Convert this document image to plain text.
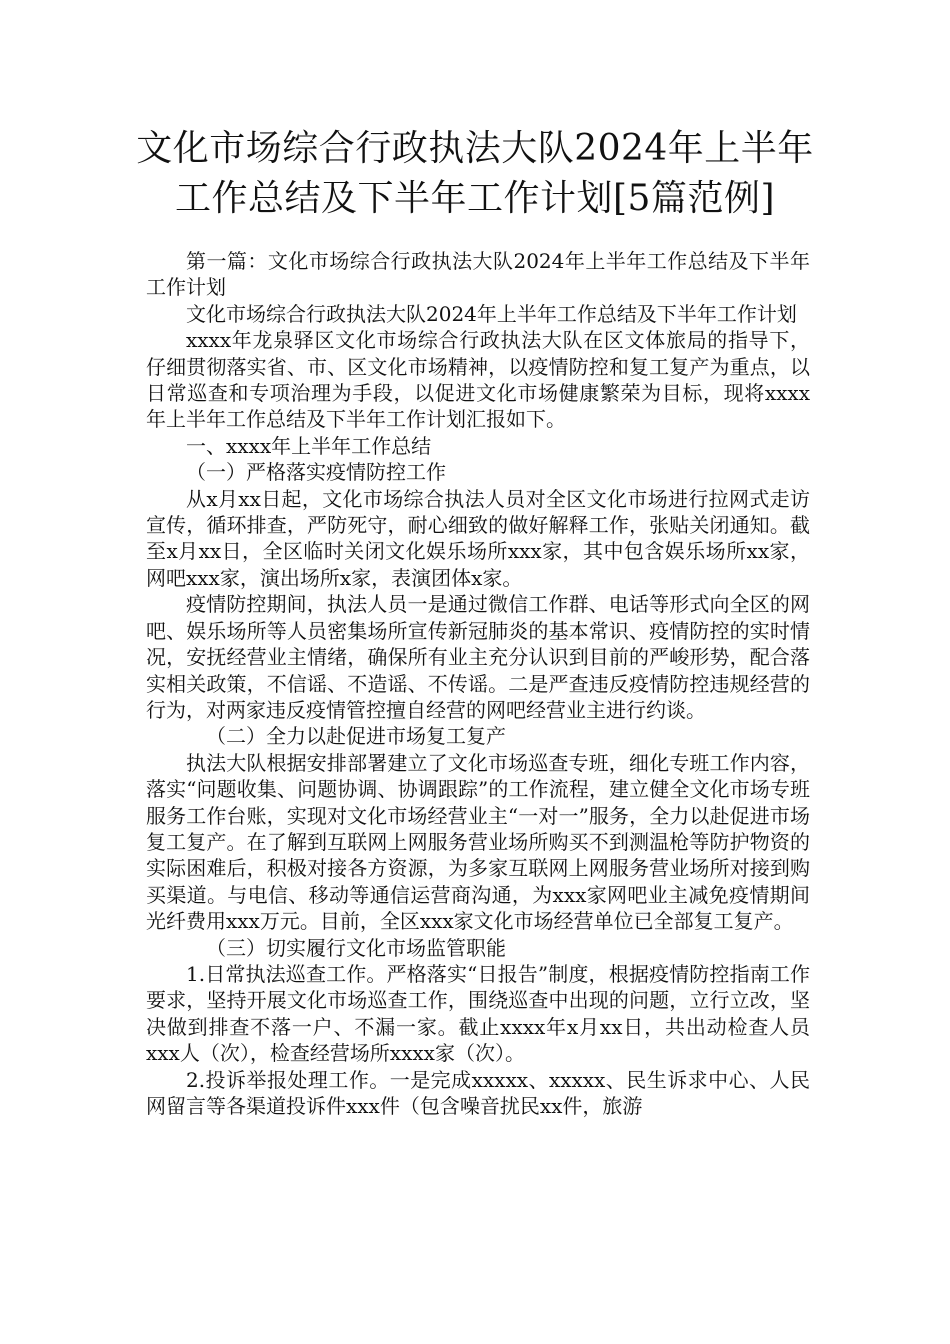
文化市场综合行政执法大队2024年上半年
工作总结及下半年工作计划[5篇范例]

第一篇：文化市场综合行政执法大队2024年上半年工作总结及下半年工作计划

文化市场综合行政执法大队2024年上半年工作总结及下半年工作计划

xxxx年龙泉驿区文化市场综合行政执法大队在区文体旅局的指导下，仔细贯彻落实省、市、区文化市场精神，以疫情防控和复工复产为重点，以日常巡查和专项治理为手段，以促进文化市场健康繁荣为目标，现将xxxx年上半年工作总结及下半年工作计划汇报如下。

一、xxxx年上半年工作总结

（一）严格落实疫情防控工作

从x月xx日起，文化市场综合执法人员对全区文化市场进行拉网式走访宣传，循环排查，严防死守，耐心细致的做好解释工作，张贴关闭通知。截至x月xx日，全区临时关闭文化娱乐场所xxx家，其中包含娱乐场所xx家，网吧xxx家，演出场所x家，表演团体x家。

疫情防控期间，执法人员一是通过微信工作群、电话等形式向全区的网吧、娱乐场所等人员密集场所宣传新冠肺炎的基本常识、疫情防控的实时情况，安抚经营业主情绪，确保所有业主充分认识到目前的严峻形势，配合落实相关政策，不信谣、不造谣、不传谣。二是严查违反疫情防控违规经营的行为，对两家违反疫情管控擅自经营的网吧经营业主进行约谈。

（二）全力以赴促进市场复工复产

执法大队根据安排部署建立了文化市场巡查专班，细化专班工作内容，落实“问题收集、问题协调、协调跟踪”的工作流程，建立健全文化市场专班服务工作台账，实现对文化市场经营业主“一对一”服务，全力以赴促进市场复工复产。在了解到互联网上网服务营业场所购买不到测温枪等防护物资的实际困难后，积极对接各方资源，为多家互联网上网服务营业场所对接到购买渠道。与电信、移动等通信运营商沟通，为xxx家网吧业主减免疫情期间光纤费用xxx万元。目前，全区xxx家文化市场经营单位已全部复工复产。

（三）切实履行文化市场监管职能

1.日常执法巡查工作。严格落实“日报告”制度，根据疫情防控指南工作要求，坚持开展文化市场巡查工作，围绕巡查中出现的问题，立行立改，坚决做到排查不落一户、不漏一家。截止xxxx年x月xx日，共出动检查人员xxx人（次），检查经营场所xxxx家（次）。

2.投诉举报处理工作。一是完成xxxxx、xxxxx、民生诉求中心、人民网留言等各渠道投诉件xxx件（包含噪音扰民xx件，旅游
